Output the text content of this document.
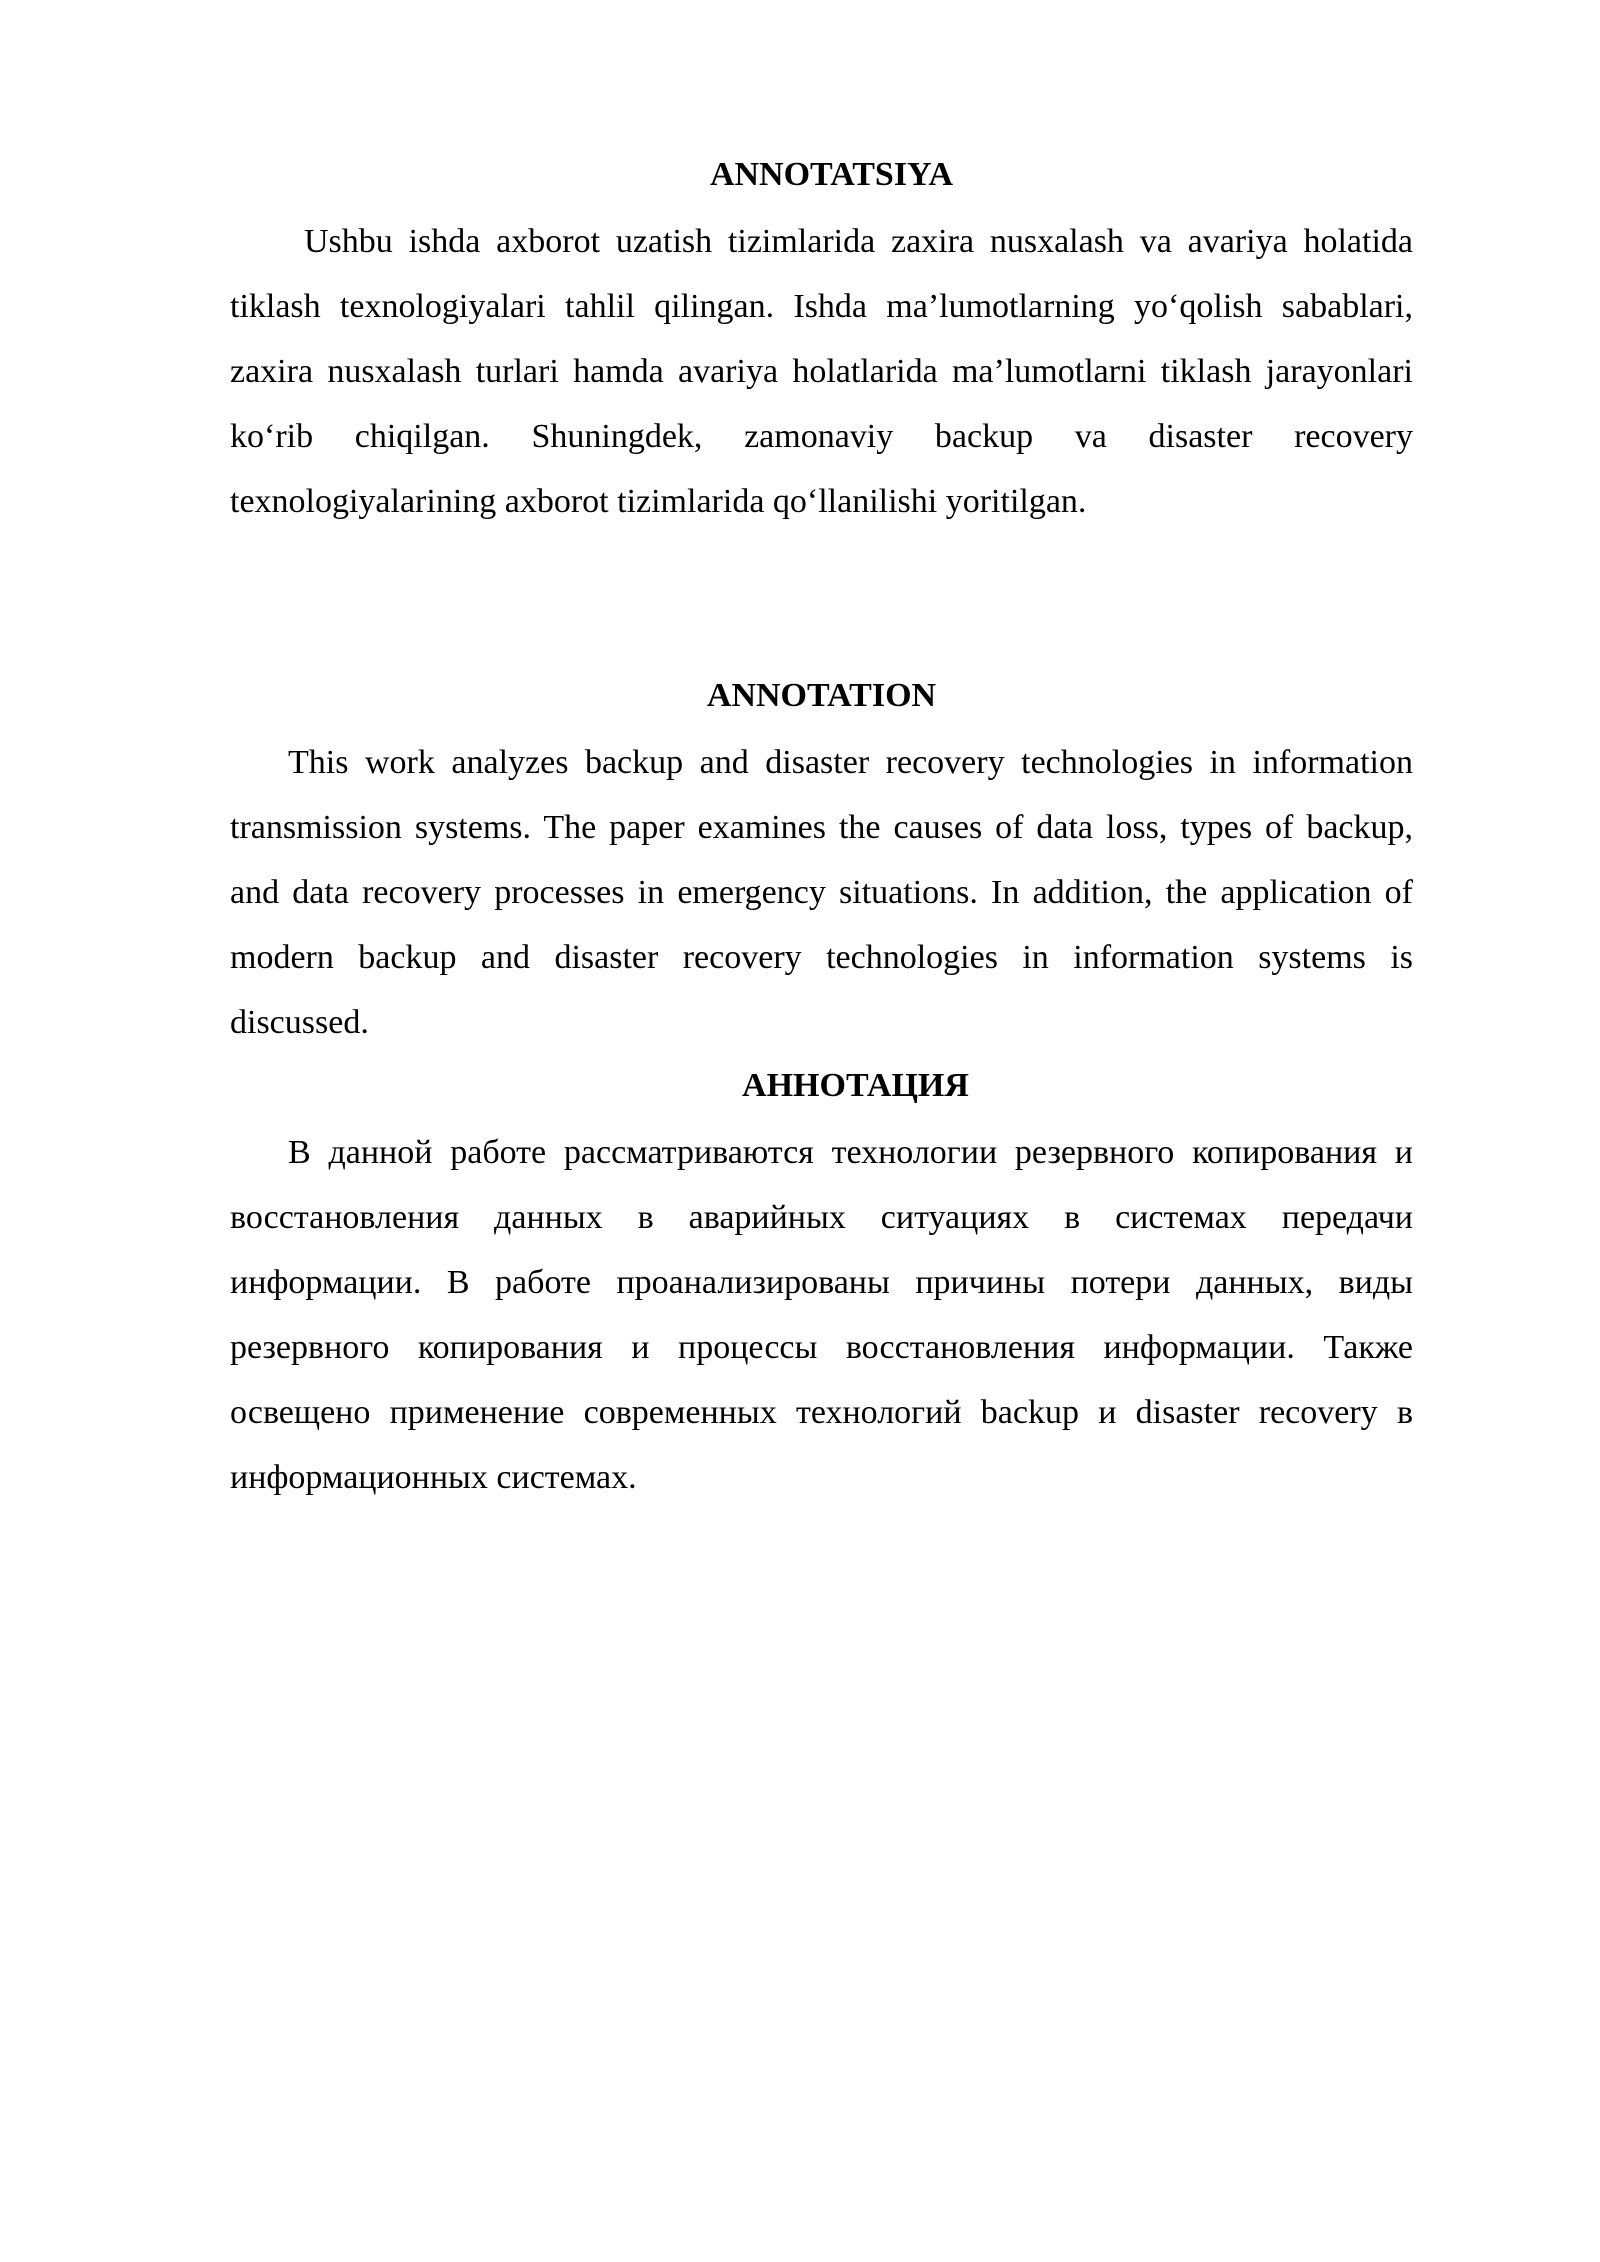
ANNOTATSIYA

Ushbu ishda axborot uzatish tizimlarida zaxira nusxalash va avariya holatida tiklash texnologiyalari tahlil qilingan. Ishda ma’lumotlarning yo‘qolish sabablari, zaxira nusxalash turlari hamda avariya holatlarida ma’lumotlarni tiklash jarayonlari ko‘rib chiqilgan. Shuningdek, zamonaviy backup va disaster recovery texnologiyalarining axborot tizimlarida qo‘llanilishi yoritilgan.

ANNOTATION

This work analyzes backup and disaster recovery technologies in information transmission systems. The paper examines the causes of data loss, types of backup, and data recovery processes in emergency situations. In addition, the application of modern backup and disaster recovery technologies in information systems is discussed.

АННОТАЦИЯ

В данной работе рассматриваются технологии резервного копирования и восстановления данных в аварийных ситуациях в системах передачи информации. В работе проанализированы причины потери данных, виды резервного копирования и процессы восстановления информации. Также освещено применение современных технологий backup и disaster recovery в информационных системах.
